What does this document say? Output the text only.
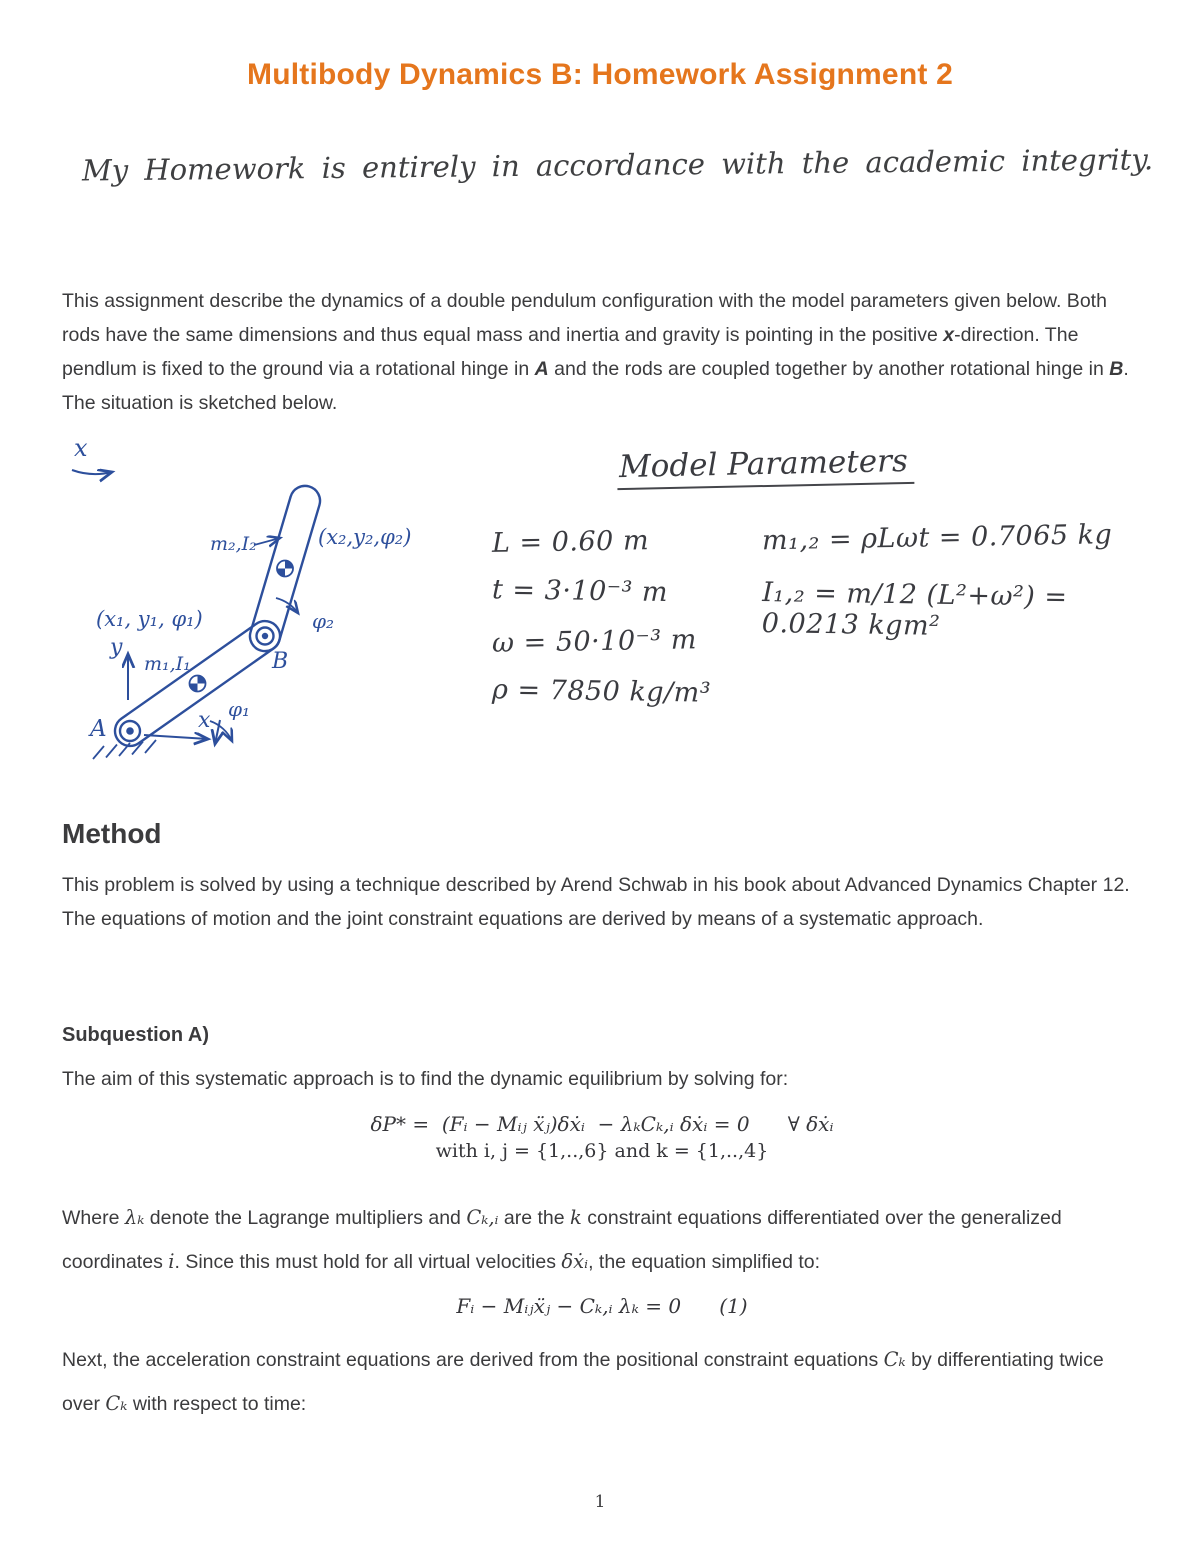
Multibody Dynamics B: Homework Assignment 2
My Homework is entirely in accordance with the academic integrity.

This assignment describe the dynamics of a double pendulum configuration with the model parameters given below. Both rods have the same dimensions and thus equal mass and inertia and gravity is pointing in the positive x-direction. The pendlum is fixed to the ground via a rotational hinge in A and the rods are coupled together by another rotational hinge in B. The situation is sketched below.

x
y
x φ₁
φ₂
A
B
(x₁, y₁, φ₁)
m₁,I₁
(x₂,y₂,φ₂)
m₂,I₂
Model Parameters
L = 0.60 m
t = 3·10⁻³ m
ω = 50·10⁻³ m
ρ = 7850 kg/m³
m₁,₂ = ρLωt = 0.7065 kg
I₁,₂ = m/12 (L²+ω²) = 0.0213 kgm²
Method

This problem is solved by using a technique described by Arend Schwab in his book about Advanced Dynamics Chapter 12. The equations of motion and the joint constraint equations are derived by means of a systematic approach.

Subquestion A)

The aim of this systematic approach is to find the dynamic equilibrium by solving for:

δP* =  (Fᵢ − Mᵢⱼ ẍⱼ)δẋᵢ  − λₖCₖ,ᵢ δẋᵢ = 0      ∀ δẋᵢ
with i, j = {1,..,6} and k = {1,..,4}

Where λₖ denote the Lagrange multipliers and Cₖ,ᵢ are the k constraint equations differentiated over the generalized coordinates i. Since this must hold for all virtual velocities δẋᵢ, the equation simplified to:

Fᵢ − Mᵢⱼẍⱼ − Cₖ,ᵢ λₖ = 0      (1)

Next, the acceleration constraint equations are derived from the positional constraint equations Cₖ by differentiating twice over Cₖ with respect to time:

1
